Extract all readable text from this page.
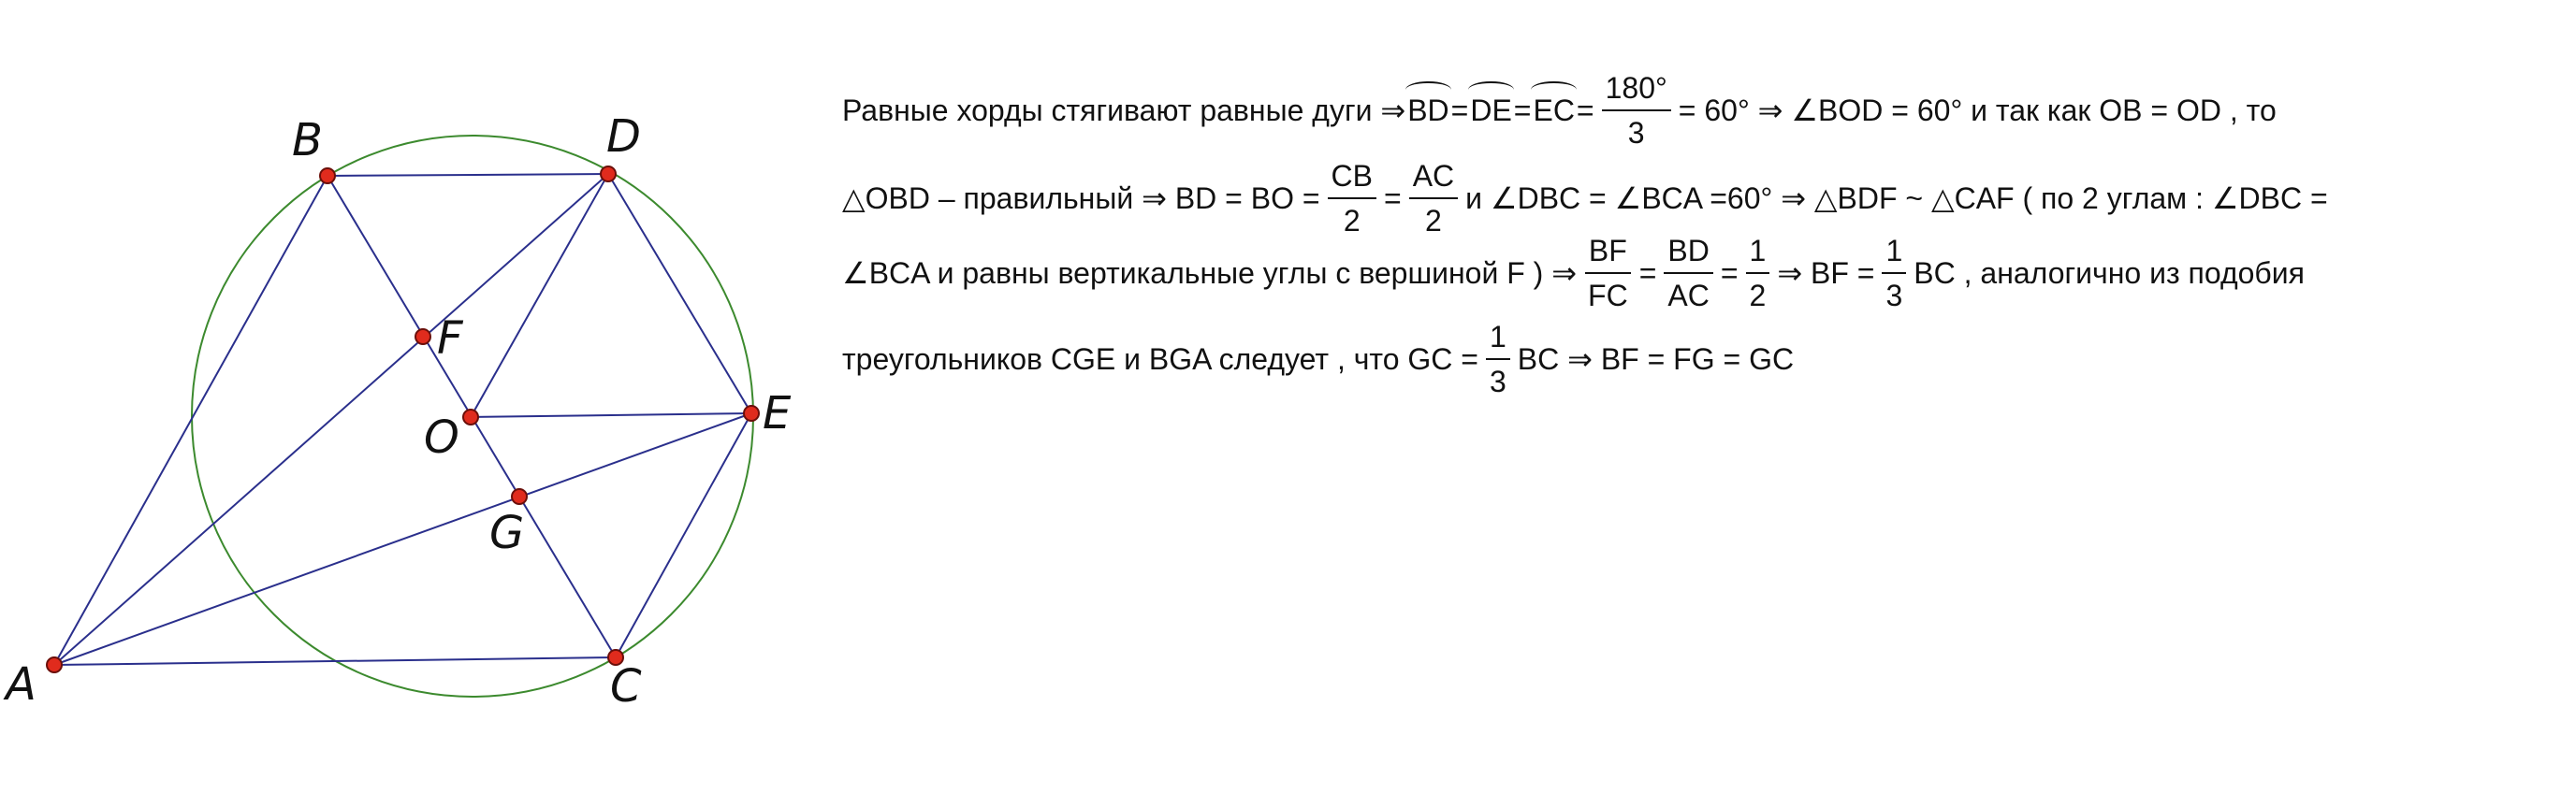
B	D
F
E
O
G
A	C
Равные хорды стягивают равные дуги ⇒ BD = DE = EC = $\frac{180^\circ}{3} = 60^\circ$ ⇒ ∠BOD = 60° и так как OB = OD , то
△OBD – правильный ⇒ BD = BO = $\frac{CB}{2} = \frac{AC}{2}$ и ∠DBC = ∠BCA =60° ⇒ △BDF ~ △CAF ( по 2 углам : ∠DBC =
∠BCA и равны вертикальные углы с вершиной F ) ⇒ $\frac{BF}{FC} = \frac{BD}{AC} = \frac{1}{2}$ ⇒ BF = $\frac{1}{3}$ BC , аналогично из подобия
треугольников CGE и BGA следует , что GC = $\frac{1}{3}$ BC ⇒ BF = FG = GC
